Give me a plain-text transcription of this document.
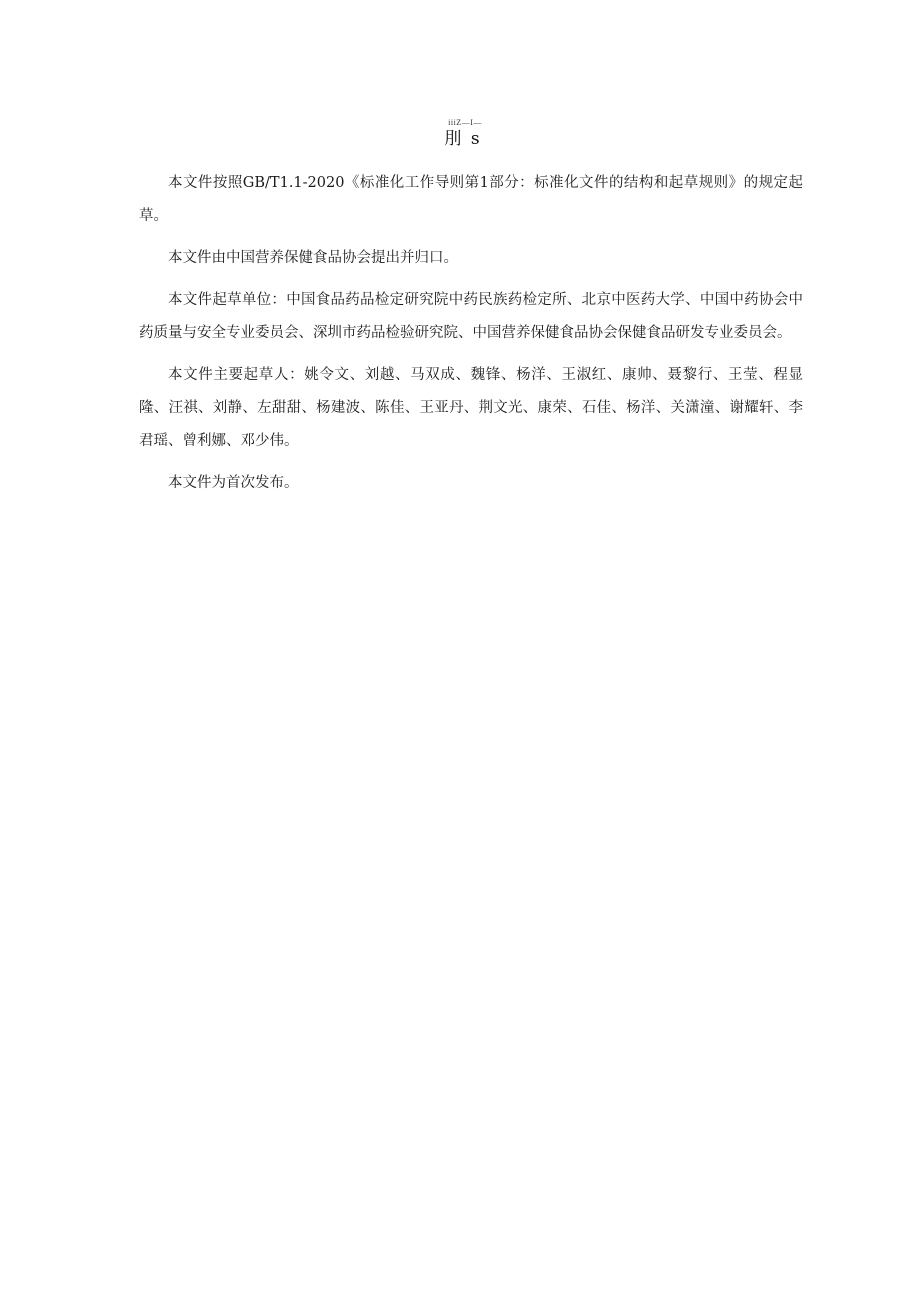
iiiZ—I—
刖 s

本文件按照GB/T1.1-2020《标准化工作导则第1部分：标准化文件的结构和起草规则》的规定起草。

本文件由中国营养保健食品协会提出并归口。

本文件起草单位：中国食品药品检定研究院中药民族药检定所、北京中医药大学、中国中药协会中药质量与安全专业委员会、深圳市药品检验研究院、中国营养保健食品协会保健食品研发专业委员会。

本文件主要起草人：姚令文、刘越、马双成、魏锋、杨洋、王淑红、康帅、聂黎行、王莹、程显隆、汪祺、刘静、左甜甜、杨建波、陈佳、王亚丹、荆文光、康荣、石佳、杨洋、关潇潼、谢耀轩、李君瑶、曾利娜、邓少伟。

本文件为首次发布。
